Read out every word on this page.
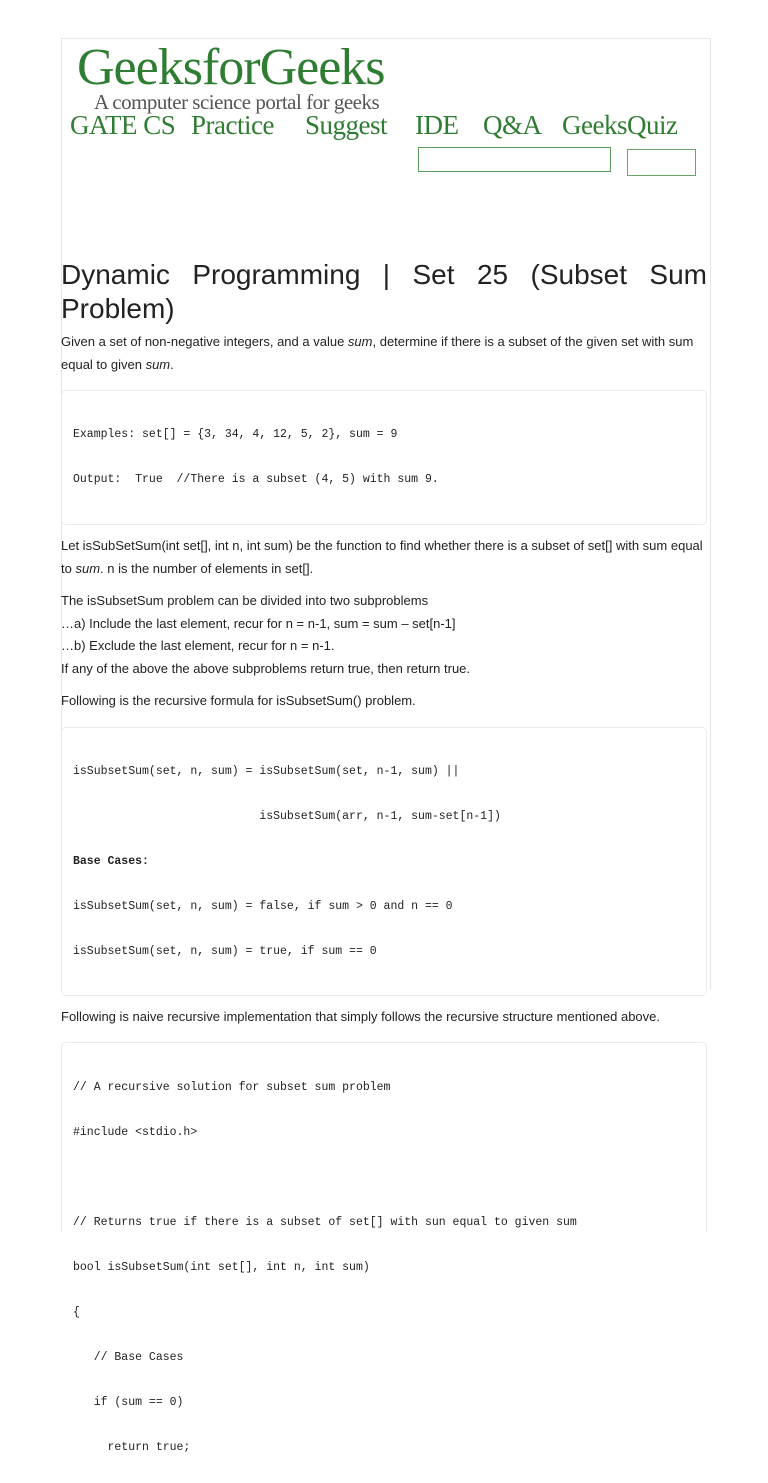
GeeksforGeeks
A computer science portal for geeks
GATE CS Practice Suggest IDE Q&A GeeksQuiz
Dynamic Programming | Set 25 (Subset Sum Problem)

Given a set of non-negative integers, and a value sum, determine if there is a subset of the given set with sum equal to given sum.

Examples: set[] = {3, 34, 4, 12, 5, 2}, sum = 9

Output:  True  //There is a subset (4, 5) with sum 9.

Let isSubSetSum(int set[], int n, int sum) be the function to find whether there is a subset of set[] with sum equal to sum. n is the number of elements in set[].

The isSubsetSum problem can be divided into two subproblems
…a) Include the last element, recur for n = n-1, sum = sum – set[n-1]
…b) Exclude the last element, recur for n = n-1.
If any of the above the above subproblems return true, then return true.

Following is the recursive formula for isSubsetSum() problem.

isSubsetSum(set, n, sum) = isSubsetSum(set, n-1, sum) ||

isSubsetSum(arr, n-1, sum-set[n-1])

Base Cases:

isSubsetSum(set, n, sum) = false, if sum > 0 and n == 0

isSubsetSum(set, n, sum) = true, if sum == 0

Following is naive recursive implementation that simply follows the recursive structure mentioned above.

// A recursive solution for subset sum problem

#include <stdio.h>

// Returns true if there is a subset of set[] with sun equal to given sum

bool isSubsetSum(int set[], int n, int sum)

{

// Base Cases

if (sum == 0)

return true;
